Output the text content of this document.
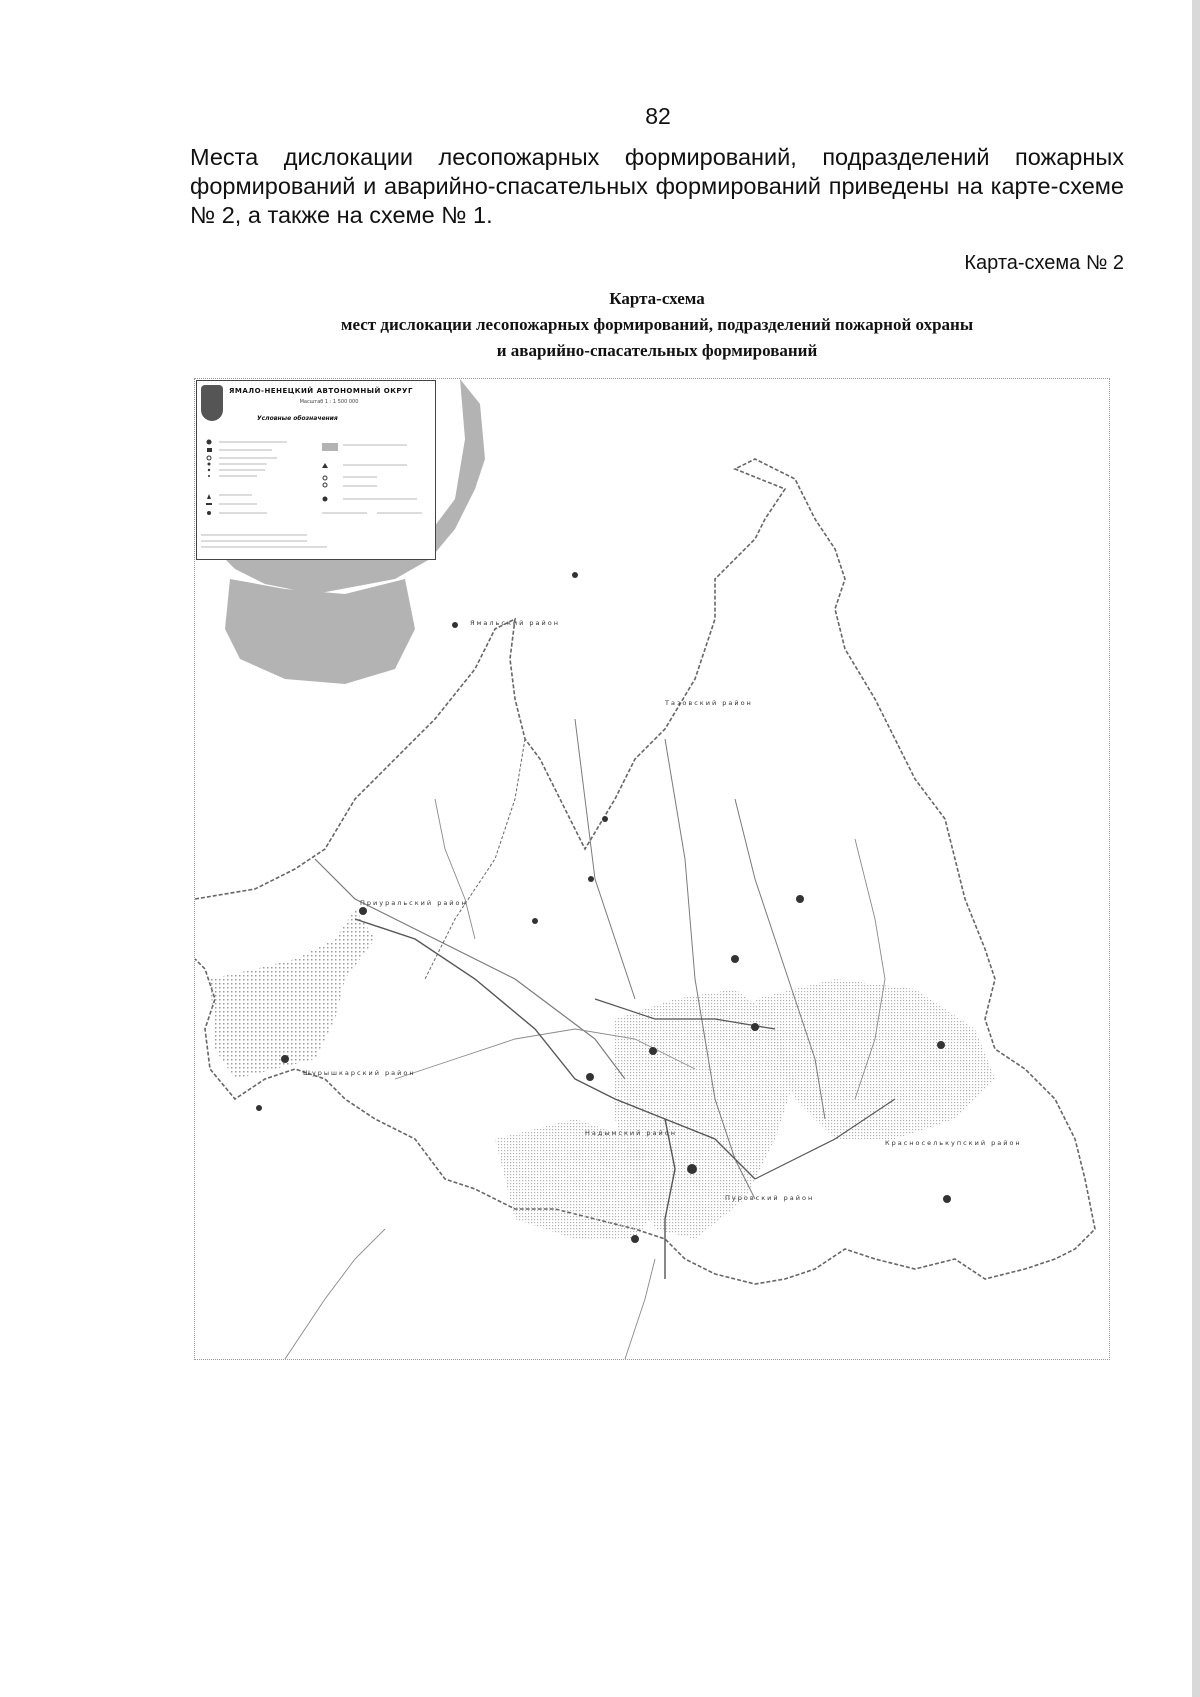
82
Места дислокации лесопожарных формирований, подразделений пожарных формирований и аварийно-спасательных формирований приведены на карте-схеме № 2, а также на схеме № 1.
Карта-схема № 2
Карта-схема
мест дислокации лесопожарных формирований, подразделений пожарной охраны
и аварийно-спасательных формирований
Ямальский район
Тазовский район
Приуральский район
Шурышкарский район
Надымский район
Пуровский район
Красноселькупский район
ЯМАЛО-НЕНЕЦКИЙ АВТОНОМНЫЙ ОКРУГ
Масштаб 1 : 1 500 000
Условные обозначения
